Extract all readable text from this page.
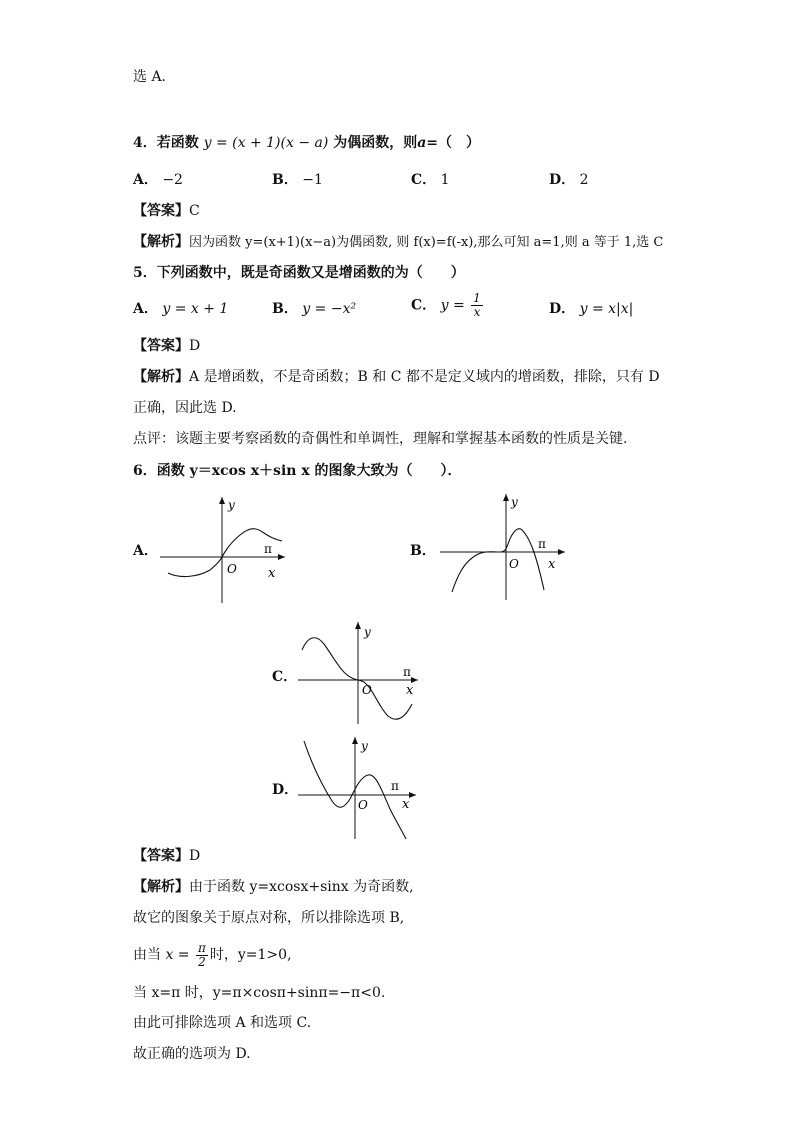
选 A．
4．若函数 y = (x + 1)(x − a) 为偶函数，则a=（　）
A． −2	B． −1	C． 1	D． 2
【答案】C
【解析】因为函数 y=(x+1)(x−a)为偶函数, 则 f(x)=f(-x),那么可知 a=1,则 a 等于 1,选 C
5．下列函数中，既是奇函数又是增函数的为（　　）
A． y = x + 1	B． y = −x²	C． $y = \frac{1}{x}$	D． y = x|x|
【答案】D
【解析】A 是增函数，不是奇函数；B 和 C 都不是定义域内的增函数，排除，只有 D
正确，因此选 D.
点评：该题主要考察函数的奇偶性和单调性，理解和掌握基本函数的性质是关键.
6．函数 y＝xcos x＋sin x 的图象大致为（　　）．
A．
y
x
O
π	B．
y
x
O
π
C．
y
x
O
π
D．
y
x
O
π
【答案】D
【解析】由于函数 y=xcosx+sinx 为奇函数,
故它的图象关于原点对称，所以排除选项 B,
由当 $x = \frac{\pi}{2}$ 时，y=1>0,
当 x=π 时，y=π×cosπ+sinπ=−π<0.
由此可排除选项 A 和选项 C.
故正确的选项为 D.
